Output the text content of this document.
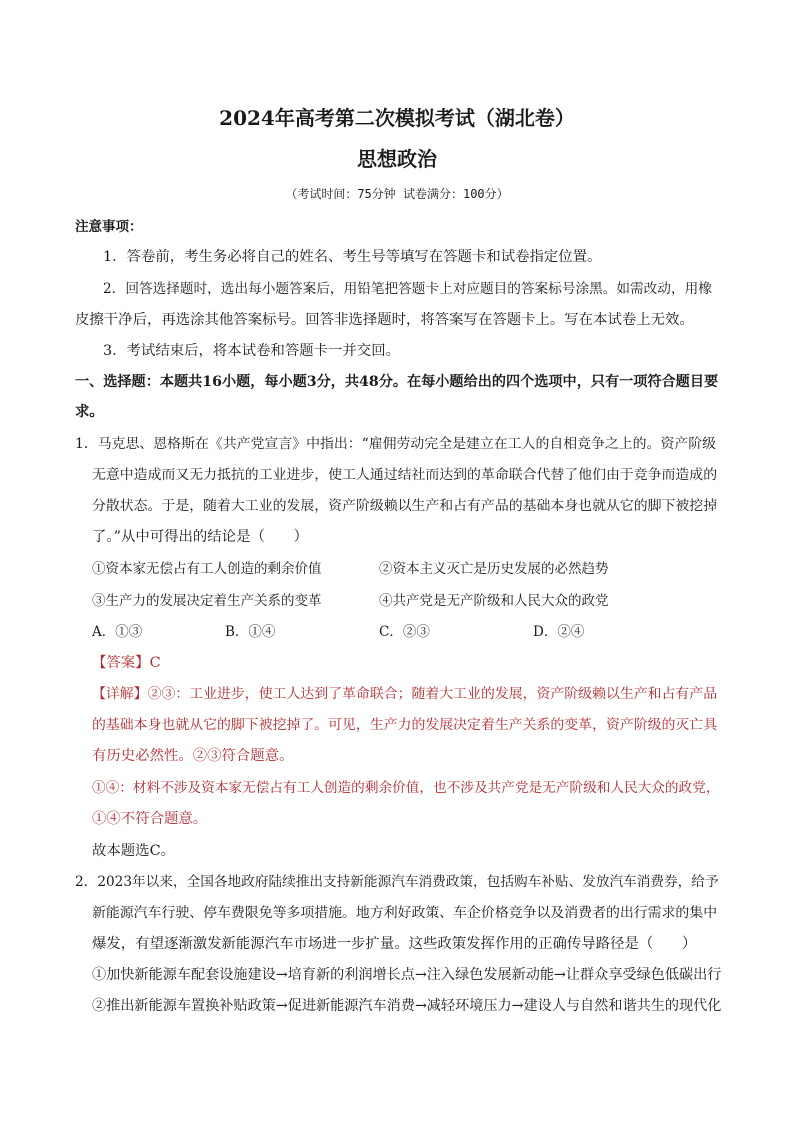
2024年高考第二次模拟考试（湖北卷）
思想政治
（考试时间：75分钟 试卷满分：100分）
注意事项：
1．答卷前，考生务必将自己的姓名、考生号等填写在答题卡和试卷指定位置。
2．回答选择题时，选出每小题答案后，用铅笔把答题卡上对应题目的答案标号涂黑。如需改动，用橡
皮擦干净后，再选涂其他答案标号。回答非选择题时，将答案写在答题卡上。写在本试卷上无效。
3．考试结束后，将本试卷和答题卡一并交回。
一、选择题：本题共16小题，每小题3分，共48分。在每小题给出的四个选项中，只有一项符合题目要
求。
1．马克思、恩格斯在《共产党宣言》中指出：“雇佣劳动完全是建立在工人的自相竞争之上的。资产阶级
无意中造成而又无力抵抗的工业进步，使工人通过结社而达到的革命联合代替了他们由于竞争而造成的
分散状态。于是，随着大工业的发展，资产阶级赖以生产和占有产品的基础本身也就从它的脚下被挖掉
了。”从中可得出的结论是（　　）
①资本家无偿占有工人创造的剩余价值	②资本主义灭亡是历史发展的必然趋势
③生产力的发展决定着生产关系的变革	④共产党是无产阶级和人民大众的政党
A．①③	B．①④	C．②③	D．②④
【答案】C
【详解】②③：工业进步，使工人达到了革命联合；随着大工业的发展，资产阶级赖以生产和占有产品
的基础本身也就从它的脚下被挖掉了。可见，生产力的发展决定着生产关系的变革，资产阶级的灭亡具
有历史必然性。②③符合题意。
①④：材料不涉及资本家无偿占有工人创造的剩余价值，也不涉及共产党是无产阶级和人民大众的政党，
①④不符合题意。
故本题选C。
2．2023年以来，全国各地政府陆续推出支持新能源汽车消费政策，包括购车补贴、发放汽车消费券，给予
新能源汽车行驶、停车费限免等多项措施。地方利好政策、车企价格竞争以及消费者的出行需求的集中
爆发，有望逐渐激发新能源汽车市场进一步扩量。这些政策发挥作用的正确传导路径是（　　）
①加快新能源车配套设施建设→培育新的利润增长点→注入绿色发展新动能→让群众享受绿色低碳出行
②推出新能源车置换补贴政策→促进新能源汽车消费→减轻环境压力→建设人与自然和谐共生的现代化
